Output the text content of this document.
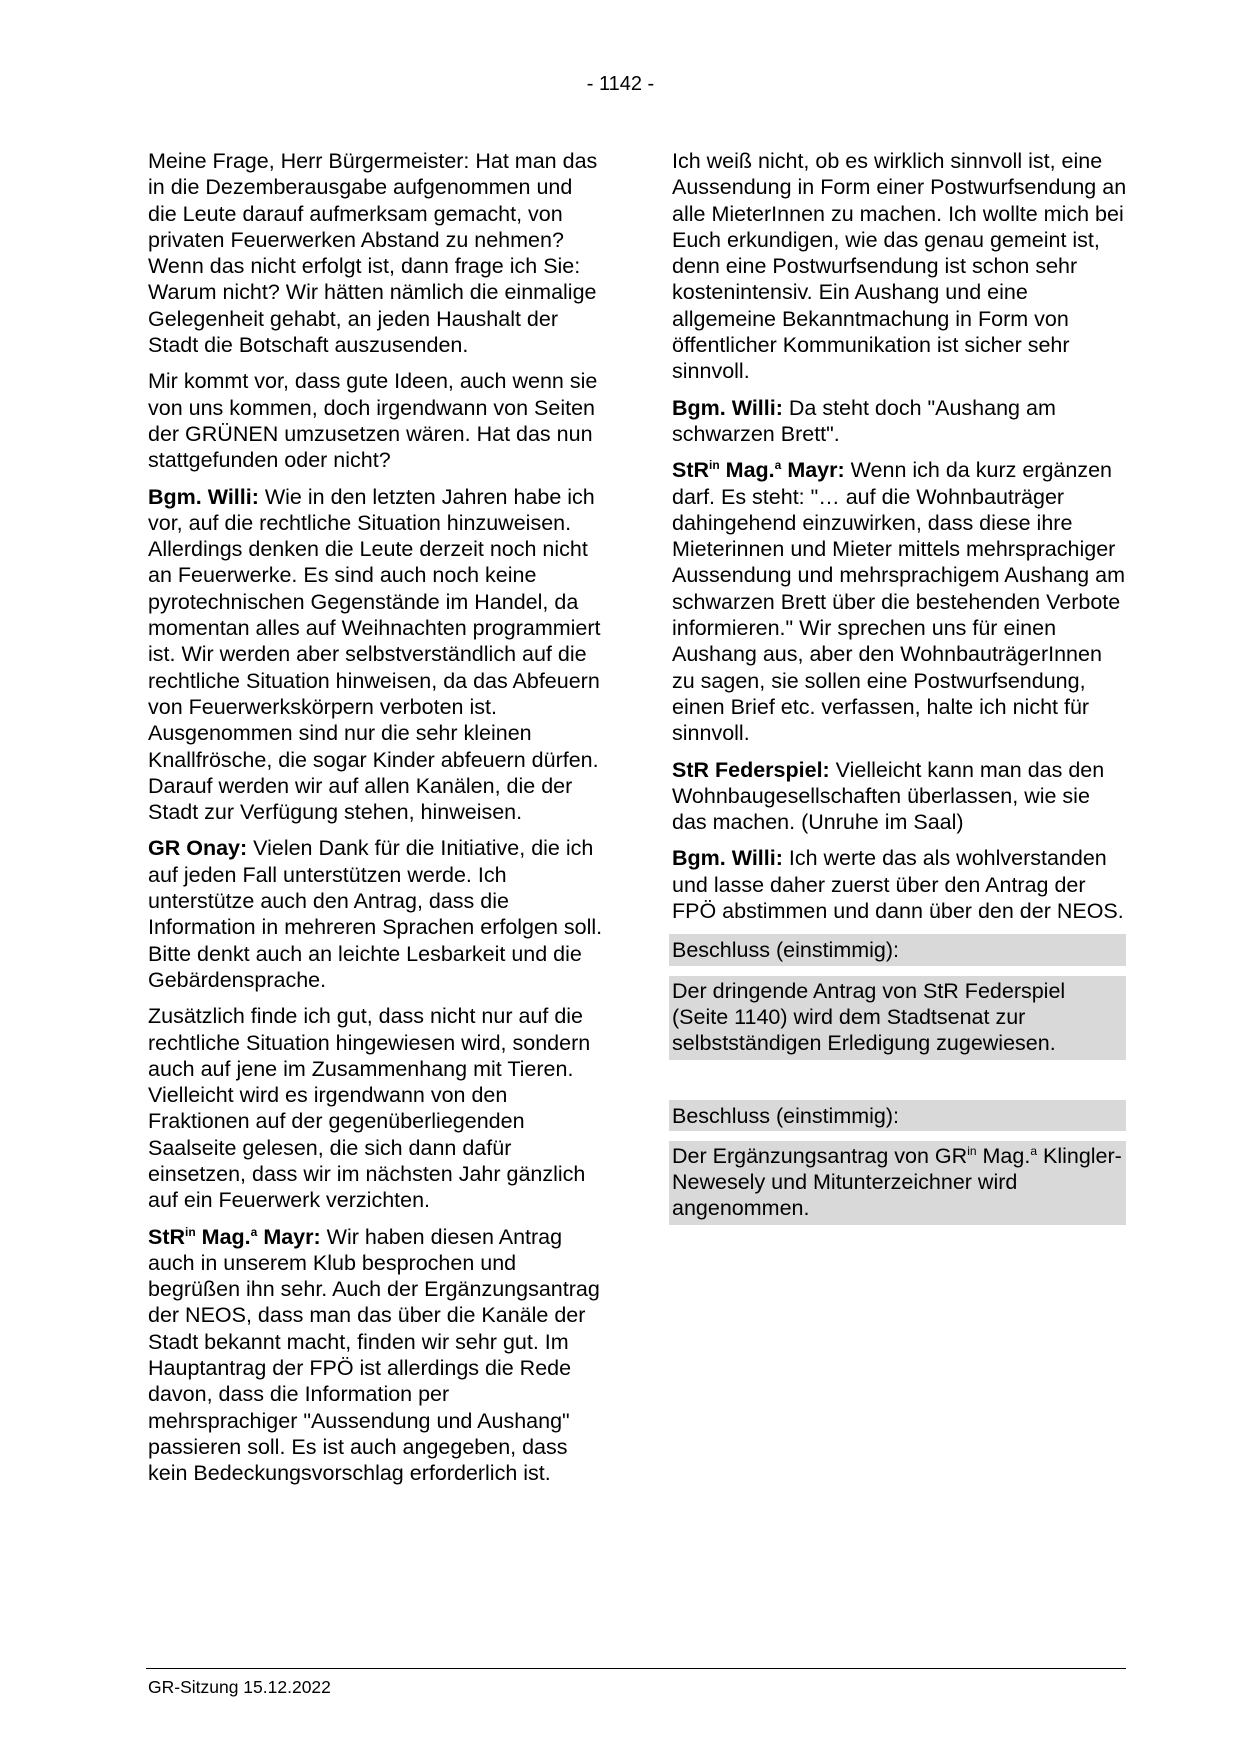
- 1142 -

Meine Frage, Herr Bürgermeister: Hat man das in die Dezemberausgabe aufgenommen und die Leute darauf aufmerksam gemacht, von privaten Feuerwerken Abstand zu nehmen? Wenn das nicht erfolgt ist, dann frage ich Sie: Warum nicht? Wir hätten nämlich die einmalige Gelegenheit gehabt, an jeden Haushalt der Stadt die Botschaft auszusenden.

Mir kommt vor, dass gute Ideen, auch wenn sie von uns kommen, doch irgendwann von Seiten der GRÜNEN umzusetzen wären. Hat das nun stattgefunden oder nicht?

Bgm. Willi: Wie in den letzten Jahren habe ich vor, auf die rechtliche Situation hinzuweisen. Allerdings denken die Leute derzeit noch nicht an Feuerwerke. Es sind auch noch keine pyrotechnischen Gegenstände im Handel, da momentan alles auf Weihnachten programmiert ist. Wir werden aber selbstverständlich auf die rechtliche Situation hinweisen, da das Abfeuern von Feuerwerkskörpern verboten ist. Ausgenommen sind nur die sehr kleinen Knallfrösche, die sogar Kinder abfeuern dürfen. Darauf werden wir auf allen Kanälen, die der Stadt zur Verfügung stehen, hinweisen.

GR Onay: Vielen Dank für die Initiative, die ich auf jeden Fall unterstützen werde. Ich unterstütze auch den Antrag, dass die Information in mehreren Sprachen erfolgen soll. Bitte denkt auch an leichte Lesbarkeit und die Gebärdensprache.

Zusätzlich finde ich gut, dass nicht nur auf die rechtliche Situation hingewiesen wird, sondern auch auf jene im Zusammenhang mit Tieren. Vielleicht wird es irgendwann von den Fraktionen auf der gegenüberliegenden Saalseite gelesen, die sich dann dafür einsetzen, dass wir im nächsten Jahr gänzlich auf ein Feuerwerk verzichten.

StR$^{in}$ Mag.$^a$ Mayr: Wir haben diesen Antrag auch in unserem Klub besprochen und begrüßen ihn sehr. Auch der Ergänzungsantrag der NEOS, dass man das über die Kanäle der Stadt bekannt macht, finden wir sehr gut. Im Hauptantrag der FPÖ ist allerdings die Rede davon, dass die Information per mehrsprachiger "Aussendung und Aushang" passieren soll. Es ist auch angegeben, dass kein Bedeckungsvorschlag erforderlich ist.

Ich weiß nicht, ob es wirklich sinnvoll ist, eine Aussendung in Form einer Postwurfsendung an alle MieterInnen zu machen. Ich wollte mich bei Euch erkundigen, wie das genau gemeint ist, denn eine Postwurfsendung ist schon sehr kostenintensiv. Ein Aushang und eine allgemeine Bekanntmachung in Form von öffentlicher Kommunikation ist sicher sehr sinnvoll.

Bgm. Willi: Da steht doch "Aushang am schwarzen Brett".

StR$^{in}$ Mag.$^a$ Mayr: Wenn ich da kurz ergänzen darf. Es steht: "… auf die Wohnbauträger dahingehend einzuwirken, dass diese ihre Mieterinnen und Mieter mittels mehrsprachiger Aussendung und mehrsprachigem Aushang am schwarzen Brett über die bestehenden Verbote informieren." Wir sprechen uns für einen Aushang aus, aber den WohnbauträgerInnen zu sagen, sie sollen eine Postwurfsendung, einen Brief etc. verfassen, halte ich nicht für sinnvoll.

StR Federspiel: Vielleicht kann man das den Wohnbaugesellschaften überlassen, wie sie das machen. (Unruhe im Saal)

Bgm. Willi: Ich werte das als wohlverstanden und lasse daher zuerst über den Antrag der FPÖ abstimmen und dann über den der NEOS.

Beschluss (einstimmig):
Der dringende Antrag von StR Federspiel (Seite 1140) wird dem Stadtsenat zur selbstständigen Erledigung zugewiesen.
Beschluss (einstimmig):
Der Ergänzungsantrag von $GR^{in}$ Mag.$^a$ Klingler-Newesely und Mitunterzeichner wird angenommen.
GR-Sitzung 15.12.2022
